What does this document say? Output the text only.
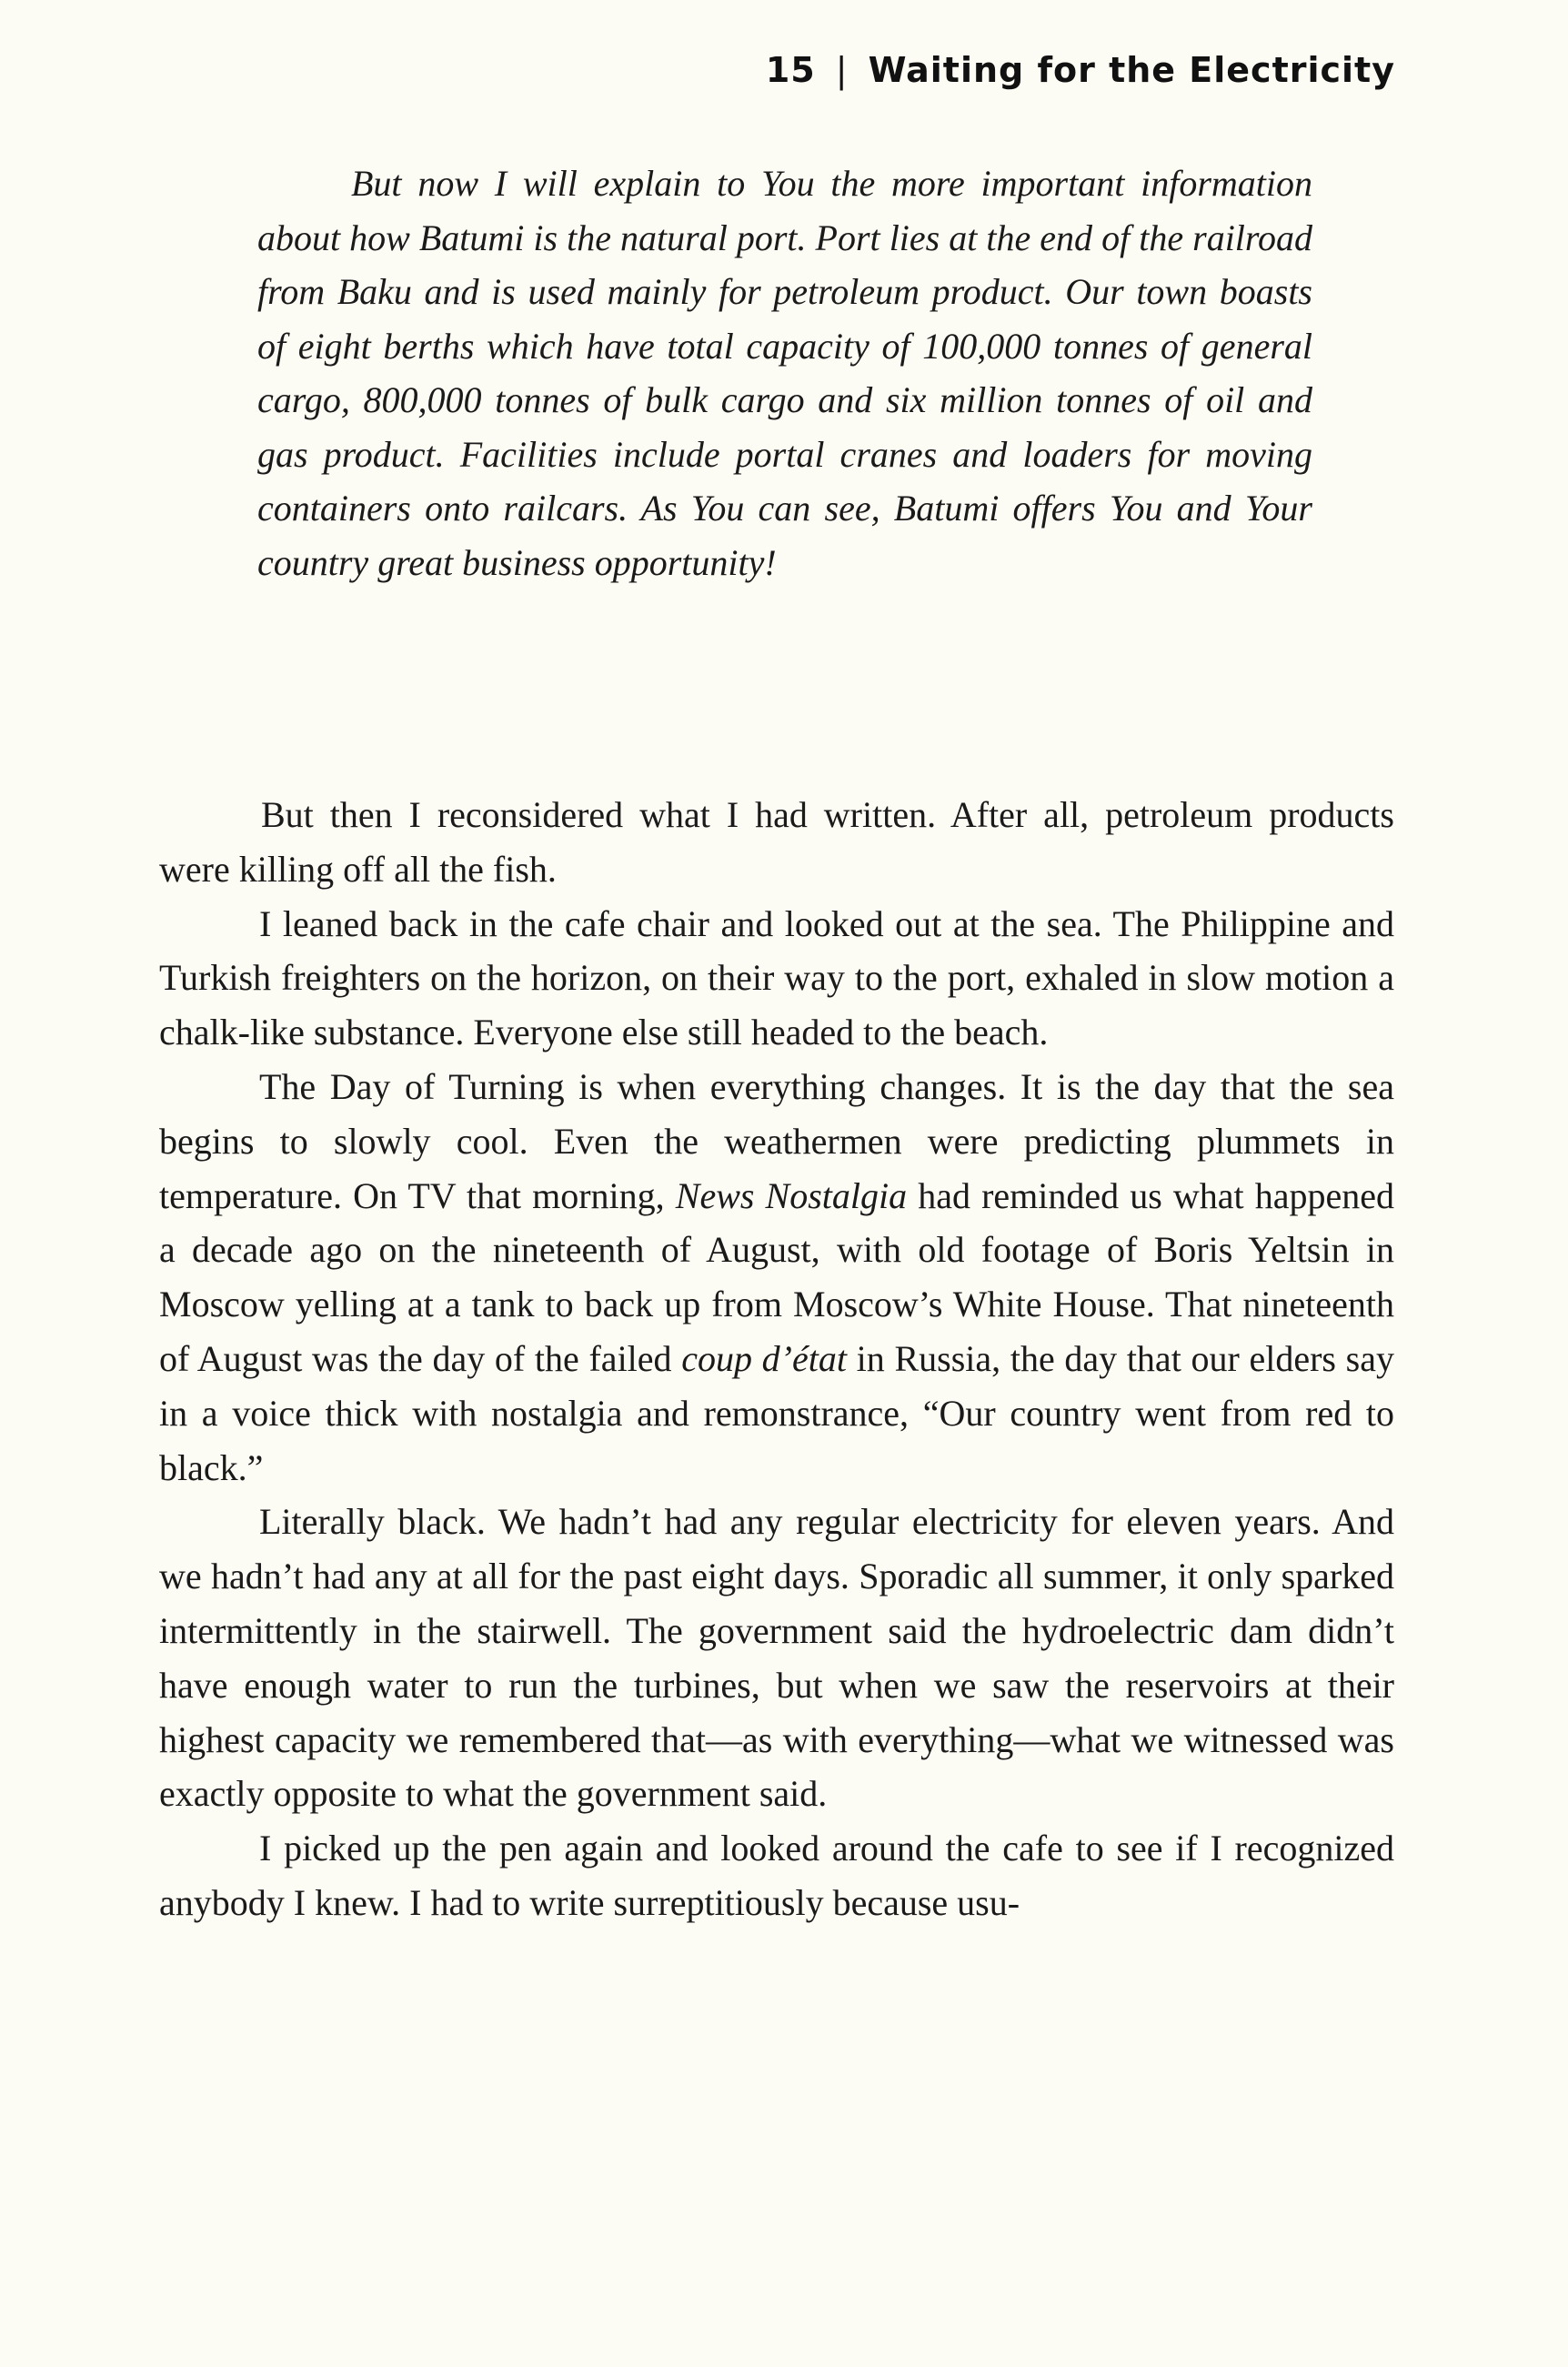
15 | Waiting for the Electricity

But now I will explain to You the more important information about how Batumi is the natural port. Port lies at the end of the railroad from Baku and is used mainly for petroleum product. Our town boasts of eight berths which have total capacity of 100,000 tonnes of general cargo, 800,000 tonnes of bulk cargo and six million tonnes of oil and gas product. Facilities include portal cranes and loaders for moving containers onto railcars. As You can see, Batumi offers You and Your country great business opportunity!

But then I reconsidered what I had written. After all, petroleum products were killing off all the fish.

I leaned back in the cafe chair and looked out at the sea. The Philippine and Turkish freighters on the horizon, on their way to the port, exhaled in slow motion a chalk-like substance. Everyone else still headed to the beach.

The Day of Turning is when everything changes. It is the day that the sea begins to slowly cool. Even the weathermen were predicting plummets in temperature. On TV that morning, News Nostalgia had reminded us what happened a decade ago on the nineteenth of August, with old footage of Boris Yeltsin in Moscow yelling at a tank to back up from Moscow’s White House. That nineteenth of August was the day of the failed coup d’état in Russia, the day that our elders say in a voice thick with nostalgia and remonstrance, “Our country went from red to black.”

Literally black. We hadn’t had any regular electricity for eleven years. And we hadn’t had any at all for the past eight days. Sporadic all summer, it only sparked intermittently in the stairwell. The government said the hydroelectric dam didn’t have enough water to run the turbines, but when we saw the reservoirs at their highest capacity we remembered that—as with everything—what we witnessed was exactly opposite to what the government said.

I picked up the pen again and looked around the cafe to see if I recognized anybody I knew. I had to write surreptitiously because usu-
